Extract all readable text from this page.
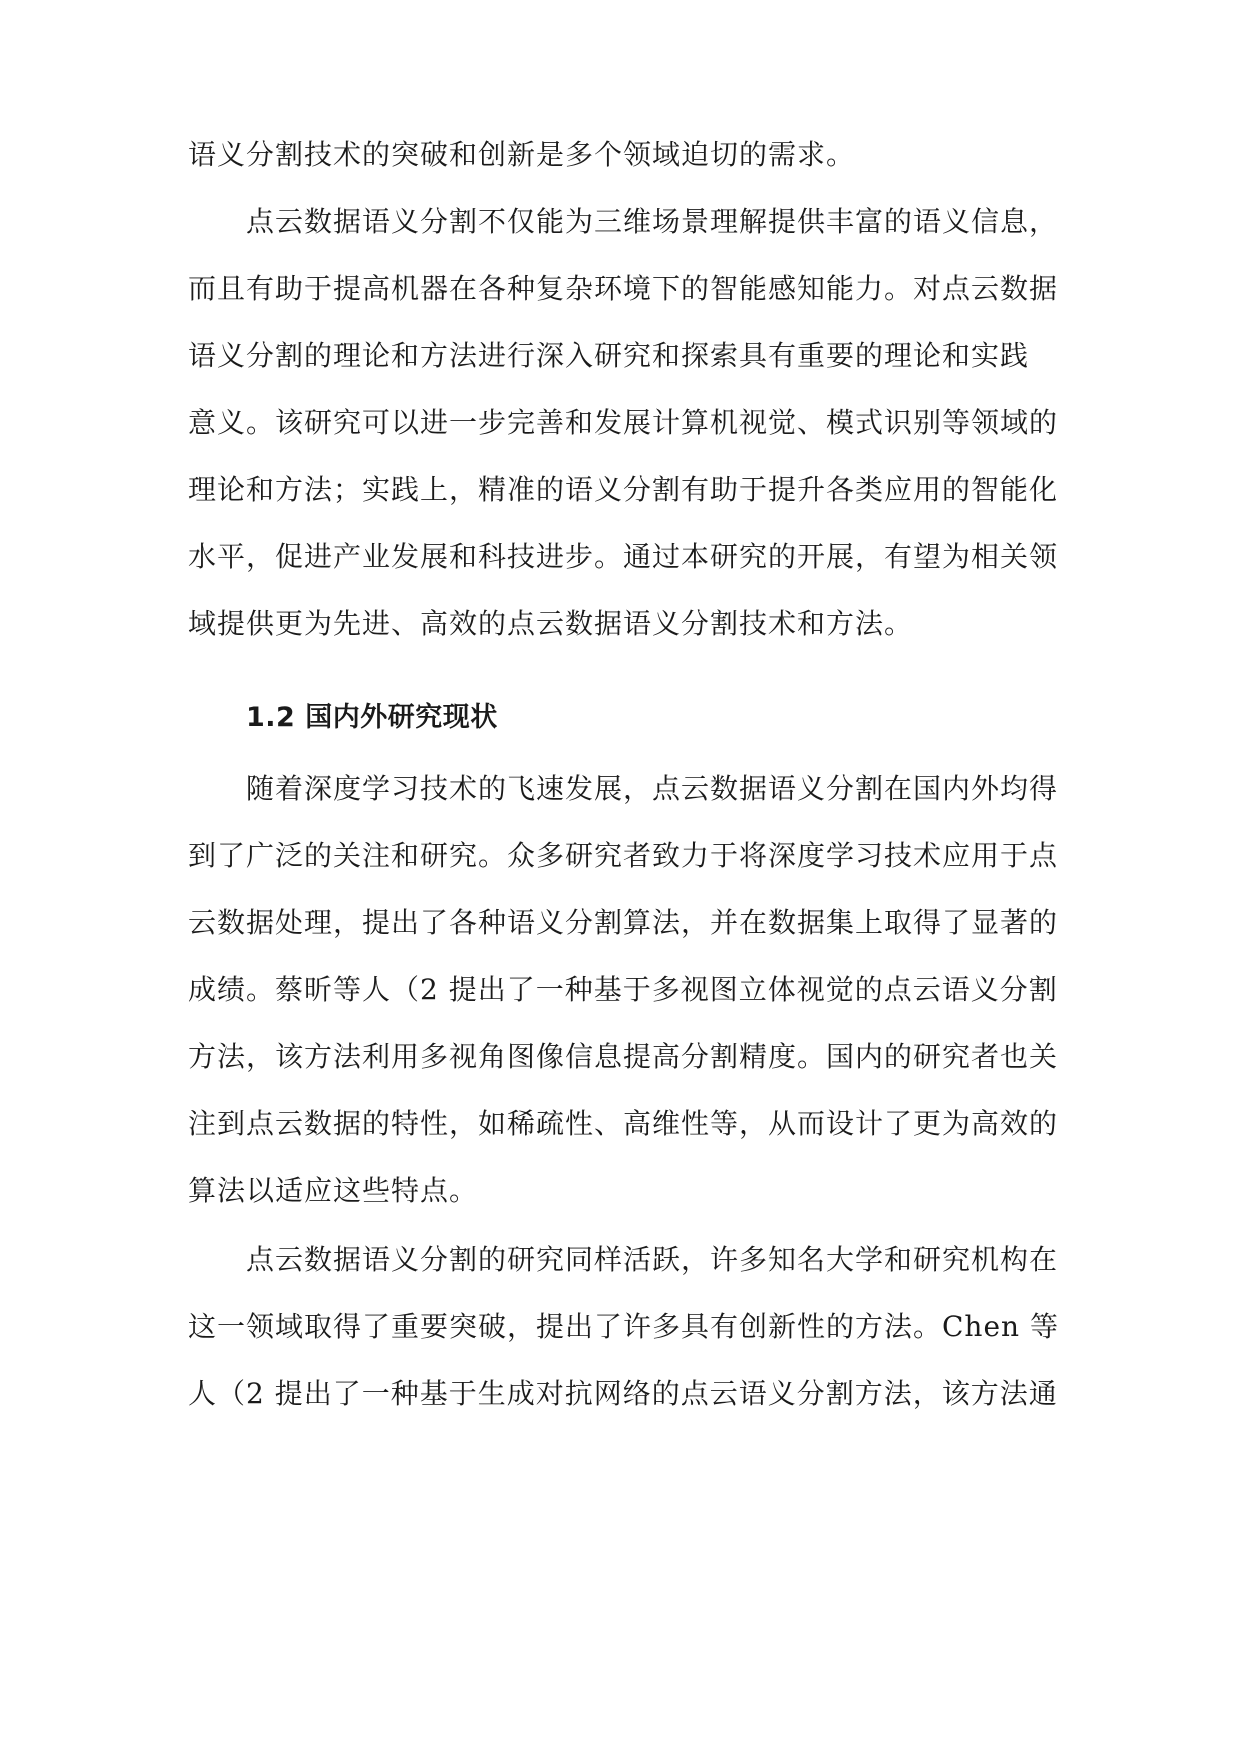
语义分割技术的突破和创新是多个领域迫切的需求。
点云数据语义分割不仅能为三维场景理解提供丰富的语义信息，
而且有助于提高机器在各种复杂环境下的智能感知能力。对点云数据
语义分割的理论和方法进行深入研究和探索具有重要的理论和实践
意义。该研究可以进一步完善和发展计算机视觉、模式识别等领域的
理论和方法；实践上，精准的语义分割有助于提升各类应用的智能化
水平，促进产业发展和科技进步。通过本研究的开展，有望为相关领
域提供更为先进、高效的点云数据语义分割技术和方法。
1.2 国内外研究现状
随着深度学习技术的飞速发展，点云数据语义分割在国内外均得
到了广泛的关注和研究。众多研究者致力于将深度学习技术应用于点
云数据处理，提出了各种语义分割算法，并在数据集上取得了显著的
成绩。蔡昕等人（2 提出了一种基于多视图立体视觉的点云语义分割
方法，该方法利用多视角图像信息提高分割精度。国内的研究者也关
注到点云数据的特性，如稀疏性、高维性等，从而设计了更为高效的
算法以适应这些特点。
点云数据语义分割的研究同样活跃，许多知名大学和研究机构在
这一领域取得了重要突破，提出了许多具有创新性的方法。Chen 等
人（2 提出了一种基于生成对抗网络的点云语义分割方法，该方法通
